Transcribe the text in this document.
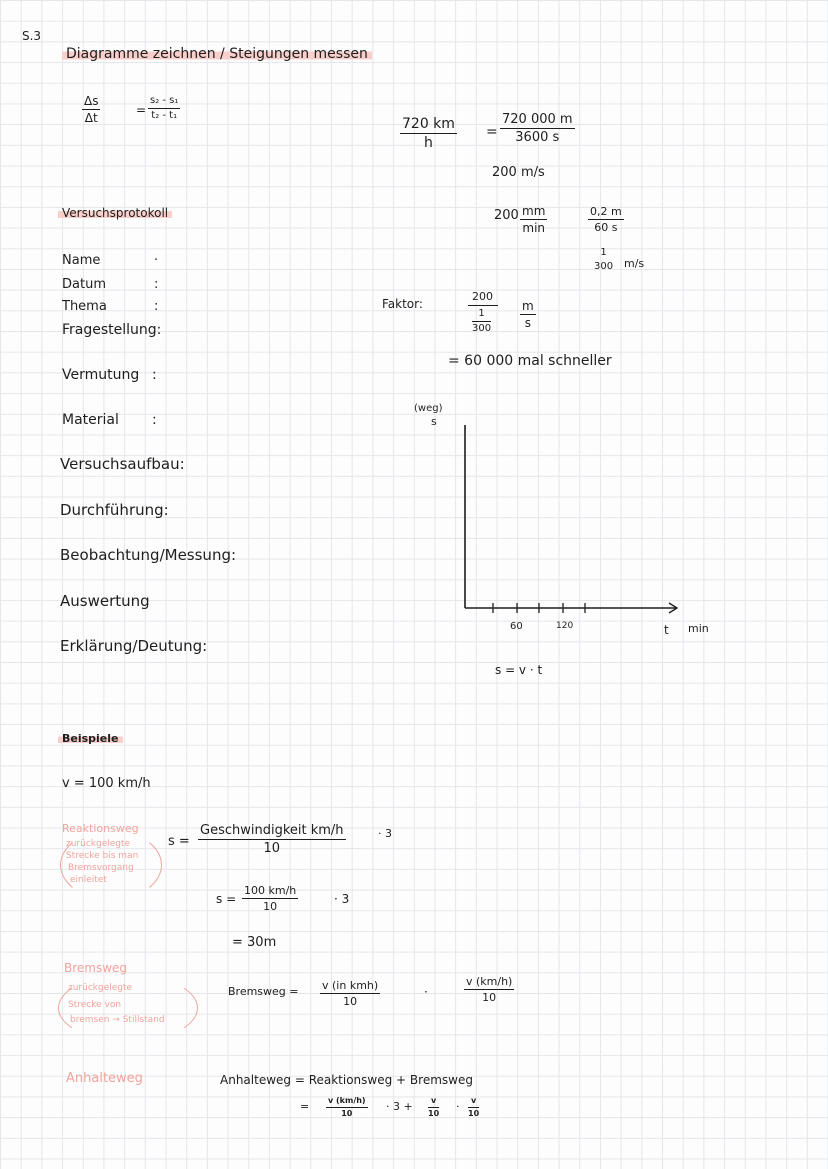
S.3
Diagramme zeichnen / Steigungen messen
$\frac{\Delta s}{\Delta t}$	= $\frac{\text{s₂ - s₁}}{\text{t₂ - t₁}}$
$\frac{720 km}{h} = \frac{720 000 m}{3600 s}$
200 m/s
200 mm
min	$\frac{0,2 m}{60 s}$
1
300 m/s
Faktor:
200
$\frac{1}{300} \frac{m}{s}$
= 60 000 mal schneller
Versuchsprotokoll
Name	·
Datum	:
Thema	:
Fragestellung:
Vermutung :
Material :
Versuchsaufbau:
Durchführung:
Beobachtung/Messung:
Auswertung
Erklärung/Deutung:
(weg)
s
60	120	t min
s = v · t
Beispiele
v = 100 km/h
Reaktionsweg
zurückgelegte
Strecke bis man
Bremsvorgang
einleitet
s =
Geschwindigkeit km/h
10
· 3
$s = \frac{100 km/h}{10}$	· 3
= 30m
Bremsweg
zurückgelegte
Strecke von
bremsen → Stillstand
Bremsweg = v (in kmh)
10
·	$\frac{v (km/h)}{10}$
Anhalteweg	Anhalteweg = Reaktionsweg + Bremsweg
= $\frac{v (km/h)}{10} \cdot 3 + \frac{v}{10} \cdot \frac{v}{10}$
